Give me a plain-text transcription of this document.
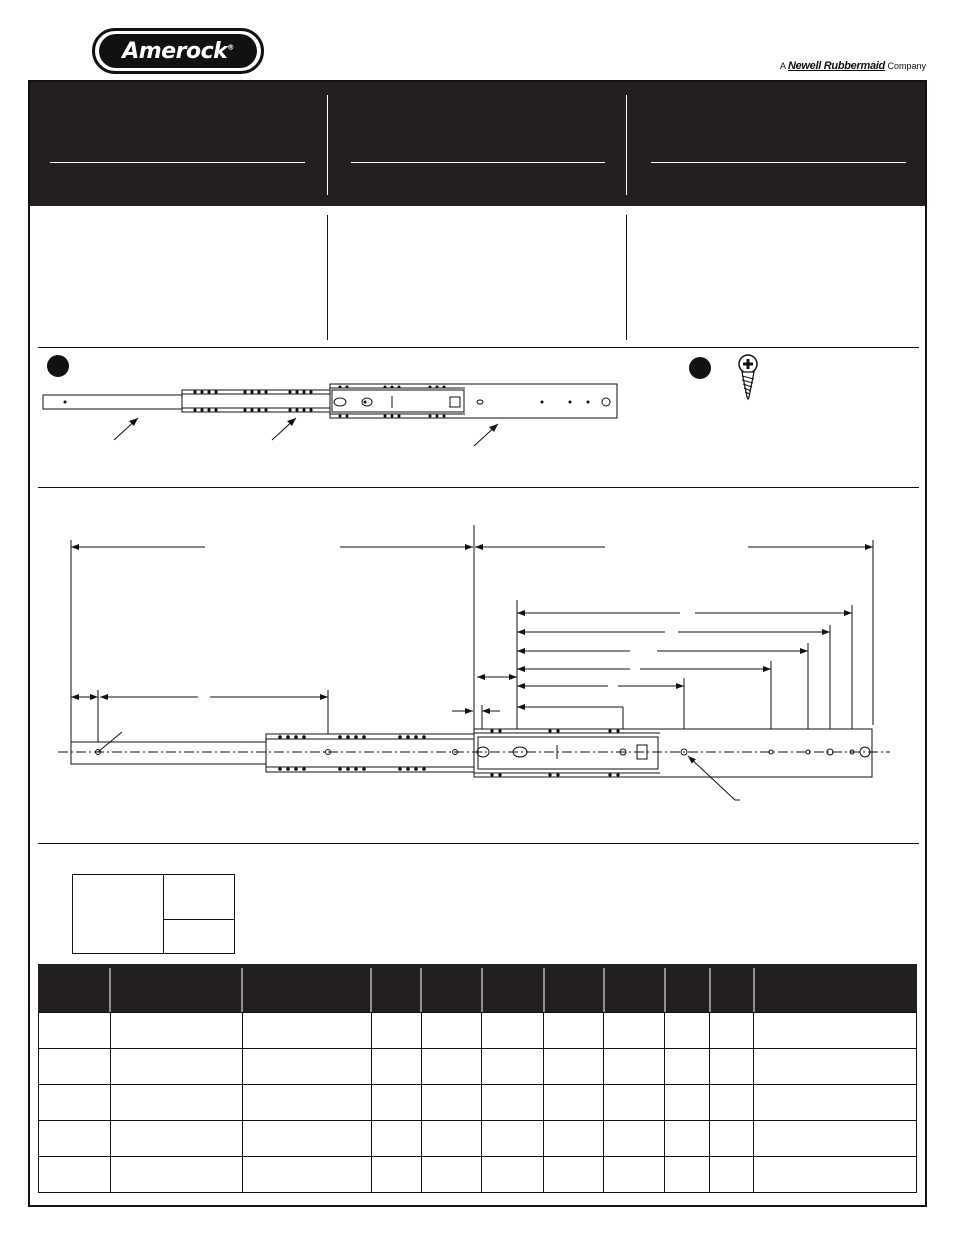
Amerock®
A Newell Rubbermaid Company
